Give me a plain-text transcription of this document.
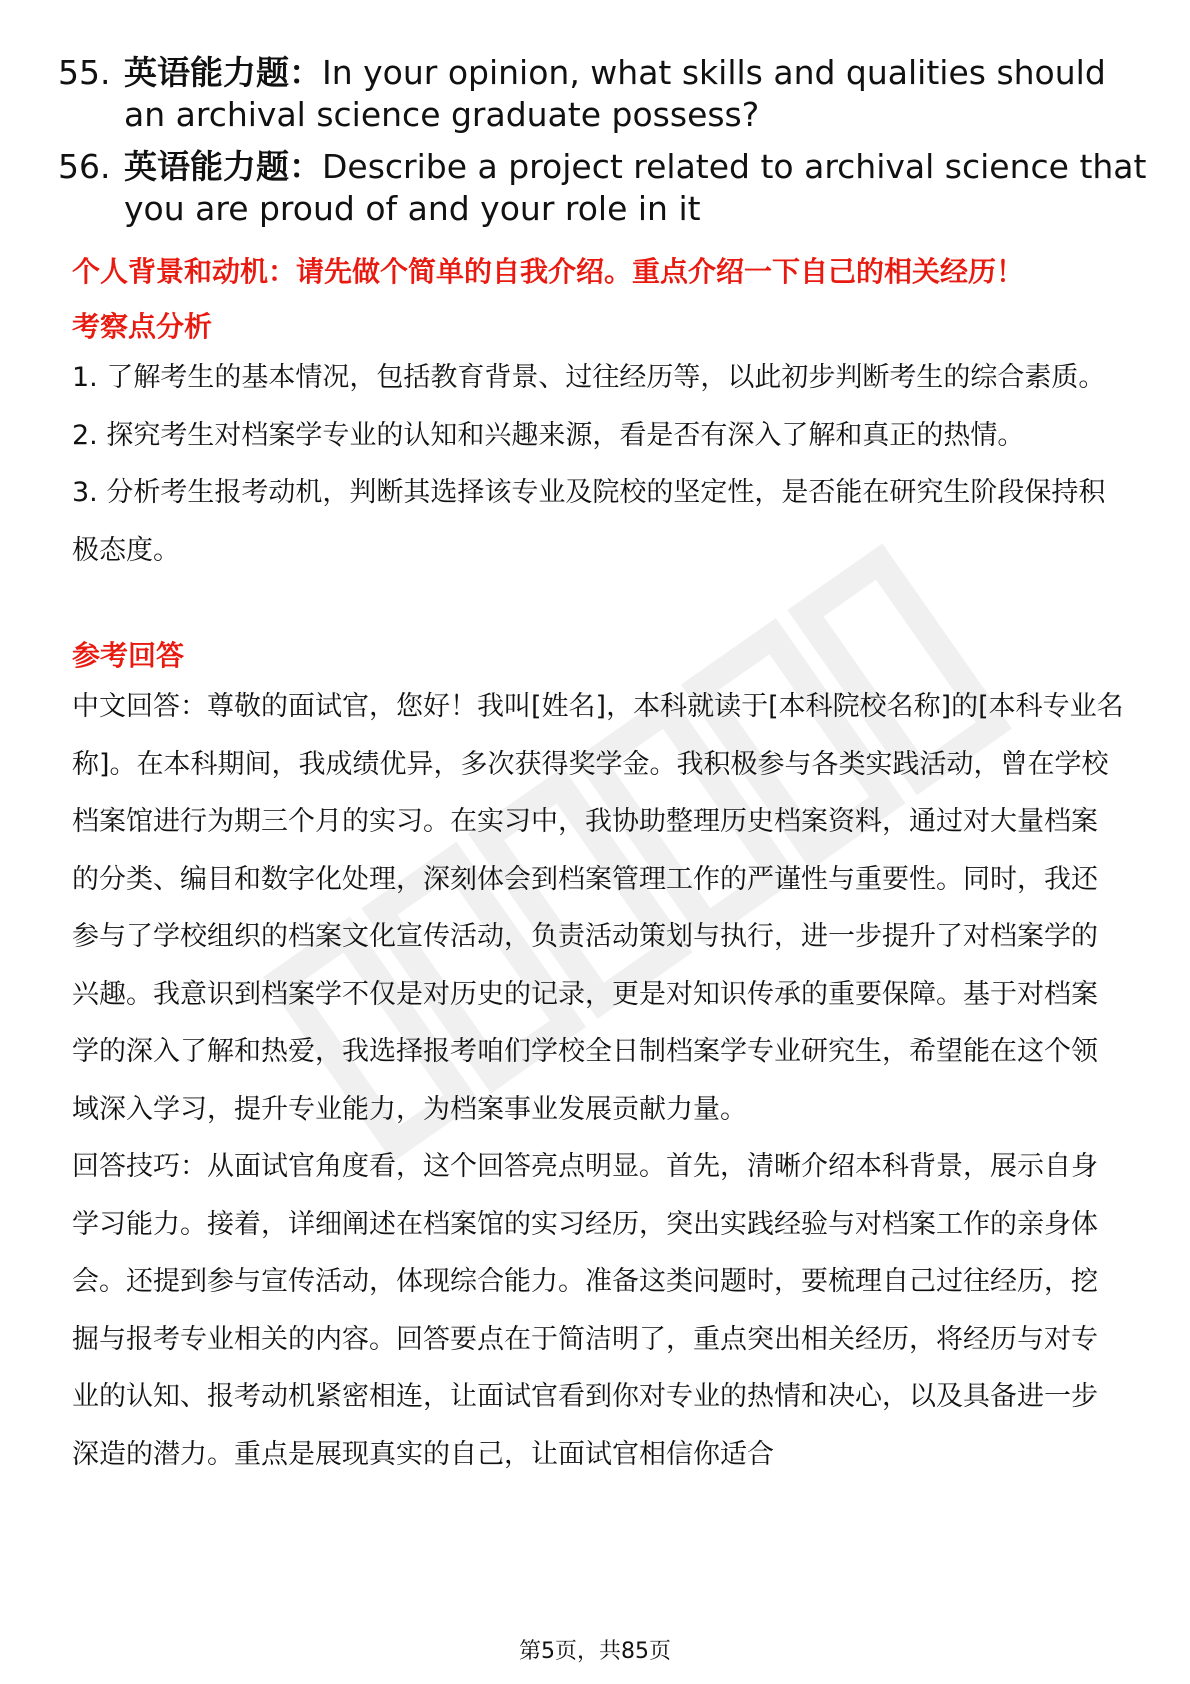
55. 英语能力题：In your opinion, what skills and qualities should an archival science graduate possess?
56. 英语能力题：Describe a project related to archival science that you are proud of and your role in it
个人背景和动机：请先做个简单的自我介绍。重点介绍一下自己的相关经历！
考察点分析
1. 了解考生的基本情况，包括教育背景、过往经历等，以此初步判断考生的综合素质。
2. 探究考生对档案学专业的认知和兴趣来源，看是否有深入了解和真正的热情。
3. 分析考生报考动机，判断其选择该专业及院校的坚定性，是否能在研究生阶段保持积极态度。
参考回答
中文回答：尊敬的面试官，您好！我叫[姓名]，本科就读于[本科院校名称]的[本科专业名称]。在本科期间，我成绩优异，多次获得奖学金。我积极参与各类实践活动，曾在学校档案馆进行为期三个月的实习。在实习中，我协助整理历史档案资料，通过对大量档案的分类、编目和数字化处理，深刻体会到档案管理工作的严谨性与重要性。同时，我还参与了学校组织的档案文化宣传活动，负责活动策划与执行，进一步提升了对档案学的兴趣。我意识到档案学不仅是对历史的记录，更是对知识传承的重要保障。基于对档案学的深入了解和热爱，我选择报考咱们学校全日制档案学专业研究生，希望能在这个领域深入学习，提升专业能力，为档案事业发展贡献力量。
回答技巧：从面试官角度看，这个回答亮点明显。首先，清晰介绍本科背景，展示自身学习能力。接着，详细阐述在档案馆的实习经历，突出实践经验与对档案工作的亲身体会。还提到参与宣传活动，体现综合能力。准备这类问题时，要梳理自己过往经历，挖掘与报考专业相关的内容。回答要点在于简洁明了，重点突出相关经历，将经历与对专业的认知、报考动机紧密相连，让面试官看到你对专业的热情和决心，以及具备进一步深造的潜力。重点是展现真实的自己，让面试官相信你适合
第5页，共85页
